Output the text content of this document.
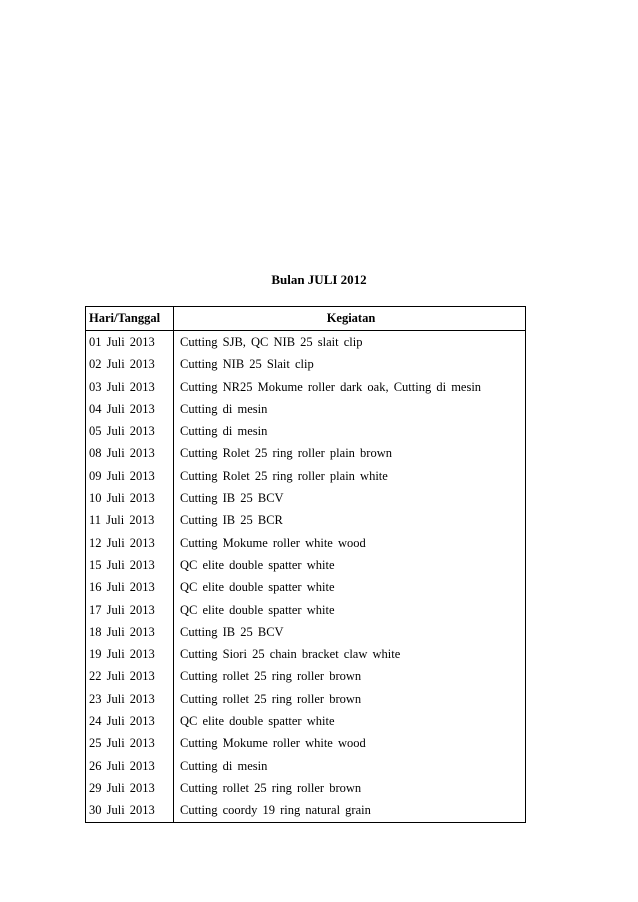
Bulan JULI 2012
Hari/Tanggal	Kegiatan
01 Juli 2013	Cutting SJB, QC NIB 25 slait clip
02 Juli 2013	Cutting NIB 25 Slait clip
03 Juli 2013	Cutting NR25 Mokume roller dark oak, Cutting di mesin
04 Juli 2013	Cutting di mesin
05 Juli 2013	Cutting di mesin
08 Juli 2013	Cutting Rolet 25 ring roller plain brown
09 Juli 2013	Cutting Rolet 25 ring roller plain white
10 Juli 2013	Cutting IB 25 BCV
11 Juli 2013	Cutting IB 25 BCR
12 Juli 2013	Cutting Mokume roller white wood
15 Juli 2013	QC elite double spatter white
16 Juli 2013	QC elite double spatter white
17 Juli 2013	QC elite double spatter white
18 Juli 2013	Cutting IB 25 BCV
19 Juli 2013	Cutting Siori 25 chain bracket claw white
22 Juli 2013	Cutting rollet 25 ring roller brown
23 Juli 2013	Cutting rollet 25 ring roller brown
24 Juli 2013	QC elite double spatter white
25 Juli 2013	Cutting Mokume roller white wood
26 Juli 2013	Cutting di mesin
29 Juli 2013	Cutting rollet 25 ring roller brown
30 Juli 2013	Cutting coordy 19 ring natural grain
